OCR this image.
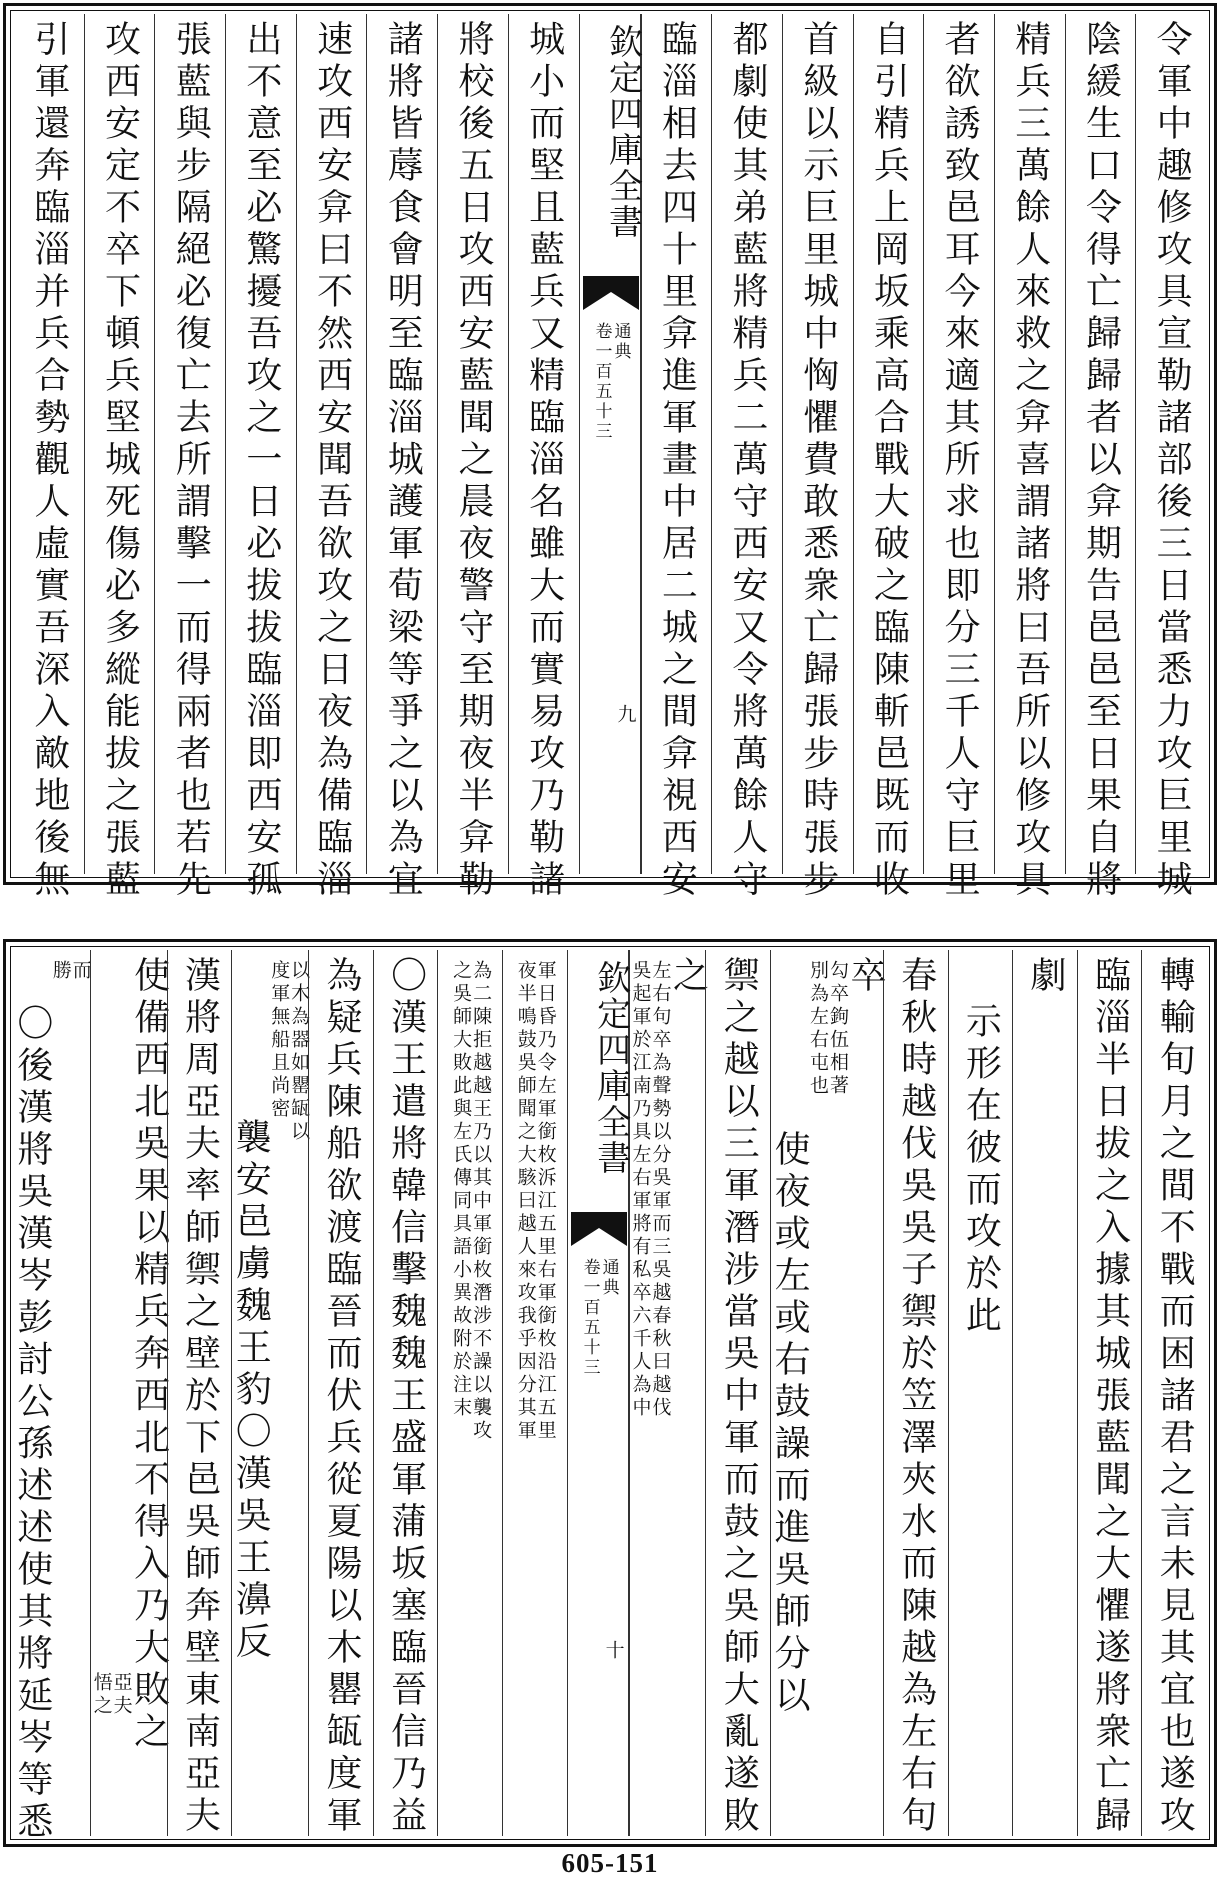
令軍中趣修攻具宣勒諸部後三日當悉力攻巨里城
陰緩生口令得亡歸歸者以弇期告邑邑至日果自將
精兵三萬餘人來救之弇喜謂諸將曰吾所以修攻具
者欲誘致邑耳今來適其所求也即分三千人守巨里
自引精兵上岡坂乘高合戰大破之臨陳斬邑既而收
首級以示巨里城中恟懼費敢悉衆亡歸張步時張步
都劇使其弟藍將精兵二萬守西安又令將萬餘人守
臨淄相去四十里弇進軍畫中居二城之間弇視西安
欽定四庫全書
通典
卷一百五十三
九
城小而堅且藍兵又精臨淄名雖大而實易攻乃勒諸
將校後五日攻西安藍聞之晨夜警守至期夜半弇勒
諸將皆蓐食會明至臨淄城護軍荀梁等爭之以為宜
速攻西安弇曰不然西安聞吾欲攻之日夜為備臨淄
出不意至必驚擾吾攻之一日必拔拔臨淄即西安孤
張藍與步隔絕必復亡去所謂擊一而得兩者也若先
攻西安定不卒下頓兵堅城死傷必多縱能拔之張藍
引軍還奔臨淄并兵合勢觀人虛實吾深入敵地後無
轉輸旬月之間不戰而困諸君之言未見其宜也遂攻
臨淄半日拔之入據其城張藍聞之大懼遂將衆亡歸
劇
示形在彼而攻於此
春秋時越伐吳吳子禦於笠澤夾水而陳越為左右句
卒
勾卒鉤伍相著
別為左右屯也
使夜或左或右鼓譟而進吳師分以
禦之越以三軍潛涉當吳中軍而鼓之吳師大亂遂敗
之
左右句卒為聲勢以分吳軍而三吳越春秋曰越伐
吳起軍於江南乃具左右軍將有私卒六千人為中
欽定四庫全書
通典
卷一百五十三
十
軍日昏乃令左軍銜枚泝江五里右軍銜枚沿江五里
夜半鳴鼓吳師聞之大駭曰越人來攻我乎因分其軍
為二陳拒越越王乃以其中軍銜枚潛涉不譟以襲攻
之吳師大敗此與左氏傳同具語小異故附於注末
〇漢王遣將韓信擊魏魏王盛軍蒲坂塞臨晉信乃益
為疑兵陳船欲渡臨晉而伏兵從夏陽以木罌缻度軍
以木為器如罌缻以
度軍無船且尚密
襲安邑虜魏王豹〇漢吳王濞反
漢將周亞夫率師禦之壁於下邑吳師奔壁東南亞夫
使備西北吳果以精兵奔西北不得入乃大敗之
亞夫
悟之
而
勝
〇後漢將吳漢岑彭討公孫述述使其將延岑等悉
605-151
